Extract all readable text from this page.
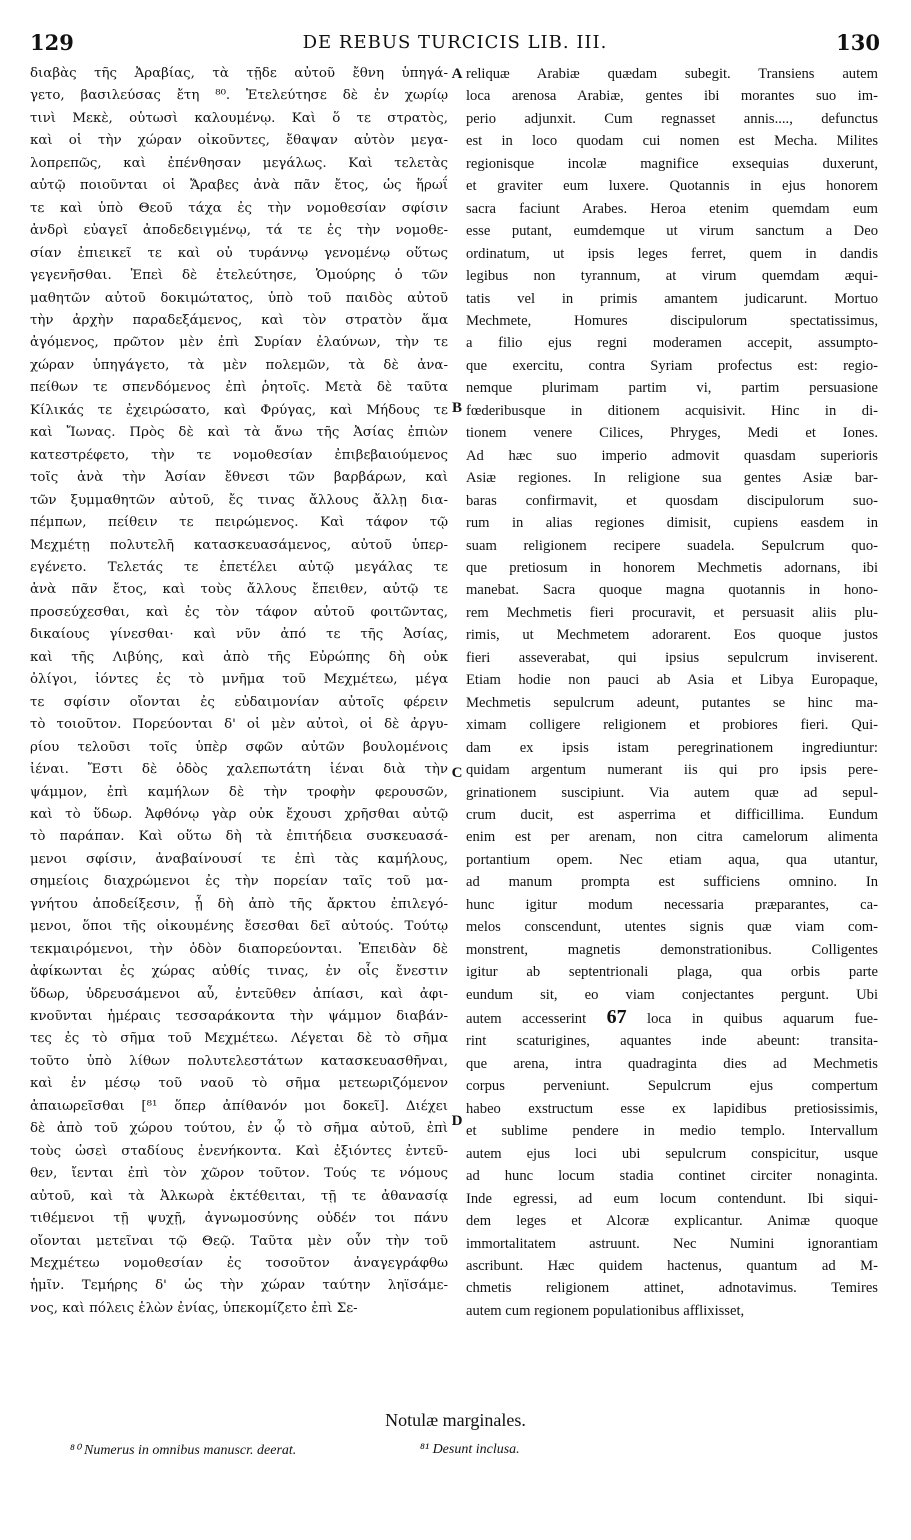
129	DE REBUS TURCICIS LIB. III.	130
διαβὰς τῆς Ἀραβίας, τὰ τῇδε αὐτοῦ ἔθνη ὑπηγά-
γετο, βασιλεύσας ἔτη ⁸⁰. Ἐτελεύτησε δὲ ἐν χωρίῳ
τινὶ Μεκὲ, οὑτωσὶ καλουμένῳ. Καὶ ὅ τε στρατὸς,
καὶ οἱ τὴν χώραν οἰκοῦντες, ἔθαψαν αὐτὸν μεγα-
λοπρεπῶς, καὶ ἐπένθησαν μεγάλως. Καὶ τελετὰς
αὐτῷ ποιοῦνται οἱ Ἄραβες ἀνὰ πᾶν ἔτος, ὡς ἥρωΐ
τε καὶ ὑπὸ Θεοῦ τάχα ἐς τὴν νομοθεσίαν σφίσιν
ἀνδρὶ εὐαγεῖ ἀποδεδειγμένῳ, τά τε ἐς τὴν νομοθε-
σίαν ἐπιεικεῖ τε καὶ οὐ τυράννῳ γενομένῳ οὕτως
γεγενῆσθαι. Ἐπεὶ δὲ ἐτελεύτησε, Ὁμούρης ὁ τῶν
μαθητῶν αὐτοῦ δοκιμώτατος, ὑπὸ τοῦ παιδὸς αὐτοῦ
τὴν ἀρχὴν παραδεξάμενος, καὶ τὸν στρατὸν ἅμα
ἀγόμενος, πρῶτον μὲν ἐπὶ Συρίαν ἐλαύνων, τὴν τε
χώραν ὑπηγάγετο, τὰ μὲν πολεμῶν, τὰ δὲ ἀνα-
πείθων τε σπενδόμενος ἐπὶ ῥητοῖς. Μετὰ δὲ ταῦτα
Κίλικάς τε ἐχειρώσατο, καὶ Φρύγας, καὶ Μήδους τε
καὶ Ἴωνας. Πρὸς δὲ καὶ τὰ ἄνω τῆς Ἀσίας ἐπιὼν
κατεστρέφετο, τὴν τε νομοθεσίαν ἐπιβεβαιούμενος
τοῖς ἀνὰ τὴν Ἀσίαν ἔθνεσι τῶν βαρβάρων, καὶ
τῶν ξυμμαθητῶν αὐτοῦ, ἔς τινας ἄλλους ἄλλῃ δια-
πέμπων, πείθειν τε πειρώμενος. Καὶ τάφον τῷ
Μεχμέτῃ πολυτελῆ κατασκευασάμενος, αὐτοῦ ὑπερ-
εγένετο. Τελετάς τε ἐπετέλει αὐτῷ μεγάλας τε
ἀνὰ πᾶν ἔτος, καὶ τοὺς ἄλλους ἔπειθεν, αὐτῷ τε
προσεύχεσθαι, καὶ ἐς τὸν τάφον αὐτοῦ φοιτῶντας,
δικαίους γίνεσθαι· καὶ νῦν ἀπό τε τῆς Ἀσίας,
καὶ τῆς Λιβύης, καὶ ἀπὸ τῆς Εὐρώπης δὴ οὐκ
ὀλίγοι, ἰόντες ἐς τὸ μνῆμα τοῦ Μεχμέτεω, μέγα
τε σφίσιν οἴονται ἐς εὐδαιμονίαν αὐτοῖς φέρειν
τὸ τοιοῦτον. Πορεύονται δ' οἱ μὲν αὐτοὶ, οἱ δὲ ἀργυ-
ρίου τελοῦσι τοῖς ὑπὲρ σφῶν αὐτῶν βουλομένοις
ἰέναι. Ἔστι δὲ ὁδὸς χαλεπωτάτη ἰέναι διὰ τὴν
ψάμμον, ἐπὶ καμήλων δὲ τὴν τροφὴν φερουσῶν,
καὶ τὸ ὕδωρ. Ἀφθόνῳ γὰρ οὐκ ἔχουσι χρῆσθαι αὐτῷ
τὸ παράπαν. Καὶ οὕτω δὴ τὰ ἐπιτήδεια συσκευασά-
μενοι σφίσιν, ἀναβαίνουσί τε ἐπὶ τὰς καμήλους,
σημείοις διαχρώμενοι ἐς τὴν πορείαν ταῖς τοῦ μα-
γνήτου ἀποδείξεσιν, ᾗ δὴ ἀπὸ τῆς ἄρκτου ἐπιλεγό-
μενοι, ὅποι τῆς οἰκουμένης ἔσεσθαι δεῖ αὐτούς. Τούτῳ
τεκμαιρόμενοι, τὴν ὁδὸν διαπορεύονται. Ἐπειδὰν δὲ
ἀφίκωνται ἐς χώρας αὐθίς τινας, ἐν οἷς ἔνεστιν
ὕδωρ, ὑδρευσάμενοι αὖ, ἐντεῦθεν ἀπίασι, καὶ ἀφι-
κνοῦνται ἡμέραις τεσσαράκοντα τὴν ψάμμον διαβάν-
τες ἐς τὸ σῆμα τοῦ Μεχμέτεω. Λέγεται δὲ τὸ σῆμα
τοῦτο ὑπὸ λίθων πολυτελεστάτων κατασκευασθῆναι,
καὶ ἐν μέσῳ τοῦ ναοῦ τὸ σῆμα μετεωριζόμενον
ἀπαιωρεῖσθαι [⁸¹ ὅπερ ἀπίθανόν μοι δοκεῖ]. Διέχει
δὲ ἀπὸ τοῦ χώρου τούτου, ἐν ᾧ τὸ σῆμα αὐτοῦ, ἐπὶ
τοὺς ὡσεὶ σταδίους ἐνενήκοντα. Καὶ ἐξιόντες ἐντεῦ-
θεν, ἴενται ἐπὶ τὸν χῶρον τοῦτον. Τούς τε νόμους
αὐτοῦ, καὶ τὰ Ἀλκωρὰ ἐκτέθειται, τῇ τε ἀθανασίᾳ
τιθέμενοι τῇ ψυχῇ, ἀγνωμοσύνης οὐδέν τοι πάνυ
οἴονται μετεῖναι τῷ Θεῷ. Ταῦτα μὲν οὖν τὴν τοῦ
Μεχμέτεω νομοθεσίαν ἐς τοσοῦτον ἀναγεγράφθω
ἡμῖν. Τεμήρης δ' ὡς τὴν χώραν ταύτην ληϊσάμε-
νος, καὶ πόλεις ἑλὼν ἐνίας, ὑπεκομίζετο ἐπὶ Σε-
reliquæ Arabiæ quædam subegit. Transiens autem
loca arenosa Arabiæ, gentes ibi morantes suo im-
perio adjunxit. Cum regnasset annis...., defunctus
est in loco quodam cui nomen est Mecha. Milites
regionisque incolæ magnifice exsequias duxerunt,
et graviter eum luxere. Quotannis in ejus honorem
sacra faciunt Arabes. Heroa etenim quemdam eum
esse putant, eumdemque ut virum sanctum a Deo
ordinatum, ut ipsis leges ferret, quem in dandis
legibus non tyrannum, at virum quemdam æqui-
tatis vel in primis amantem judicarunt. Mortuo
Mechmete, Homures discipulorum spectatissimus,
a filio ejus regni moderamen accepit, assumpto-
que exercitu, contra Syriam profectus est: regio-
nemque plurimam partim vi, partim persuasione
fœderibusque in ditionem acquisivit. Hinc in di-
tionem venere Cilices, Phryges, Medi et Iones.
Ad hæc suo imperio admovit quasdam superioris
Asiæ regiones. In religione sua gentes Asiæ bar-
baras confirmavit, et quosdam discipulorum suo-
rum in alias regiones dimisit, cupiens easdem in
suam religionem recipere suadela. Sepulcrum quo-
que pretiosum in honorem Mechmetis adornans, ibi
manebat. Sacra quoque magna quotannis in hono-
rem Mechmetis fieri procuravit, et persuasit aliis plu-
rimis, ut Mechmetem adorarent. Eos quoque justos
fieri asseverabat, qui ipsius sepulcrum inviserent.
Etiam hodie non pauci ab Asia et Libya Europaque,
Mechmetis sepulcrum adeunt, putantes se hinc ma-
ximam colligere religionem et probiores fieri. Qui-
dam ex ipsis istam peregrinationem ingrediuntur:
quidam argentum numerant iis qui pro ipsis pere-
grinationem suscipiunt. Via autem quæ ad sepul-
crum ducit, est asperrima et difficillima. Eundum
enim est per arenam, non citra camelorum alimenta
portantium opem. Nec etiam aqua, qua utantur,
ad manum prompta est sufficiens omnino. In
hunc igitur modum necessaria præparantes, ca-
melos conscendunt, utentes signis quæ viam com-
monstrent, magnetis demonstrationibus. Colligentes
igitur ab septentrionali plaga, qua orbis parte
eundum sit, eo viam conjectantes pergunt. Ubi
autem accesserint 67 loca in quibus aquarum fue-
rint scaturigines, aquantes inde abeunt: transita-
que arena, intra quadraginta dies ad Mechmetis
corpus perveniunt. Sepulcrum ejus compertum
habeo exstructum esse ex lapidibus pretiosissimis,
et sublime pendere in medio templo. Intervallum
autem ejus loci ubi sepulcrum conspicitur, usque
ad hunc locum stadia continet circiter nonaginta.
Inde egressi, ad eum locum contendunt. Ibi siqui-
dem leges et Alcoræ explicantur. Animæ quoque
immortalitatem astruunt. Nec Numini ignorantiam
ascribunt. Hæc quidem hactenus, quantum ad M-
chmetis religionem attinet, adnotavimus. Temires
autem cum regionem populationibus afflixisset,
A
B
C
D
Notulæ marginales.
⁸⁰ Numerus in omnibus manuscr. deerat.	⁸¹ Desunt inclusa.
